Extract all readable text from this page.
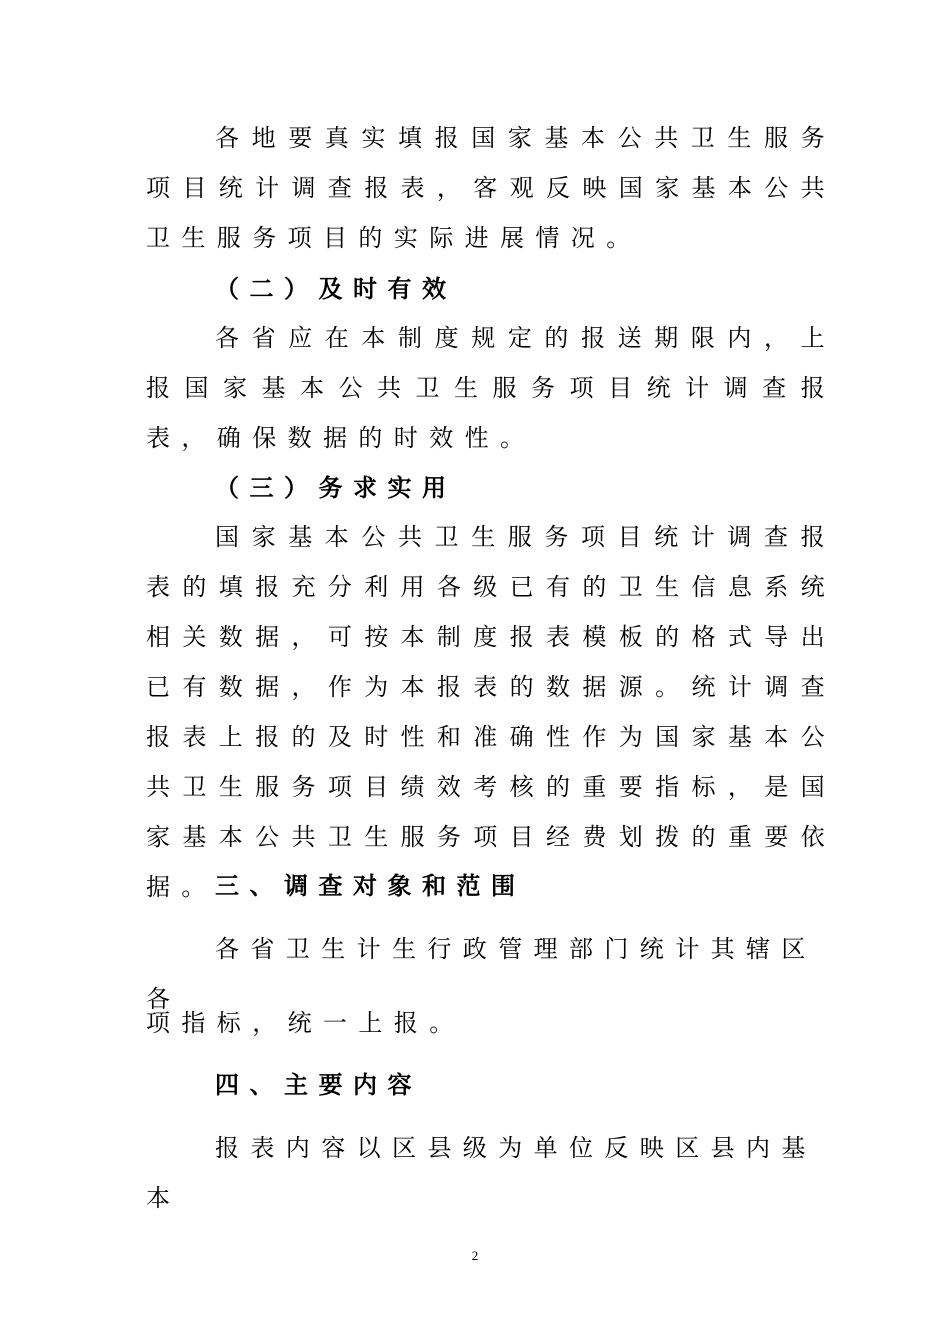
各地要真实填报国家基本公共卫生服务项目统计调查报表，客观反映国家基本公共卫生服务项目的实际进展情况。

（二）及时有效

各省应在本制度规定的报送期限内，上报国家基本公共卫生服务项目统计调查报表，确保数据的时效性。

（三）务求实用

国家基本公共卫生服务项目统计调查报表的填报充分利用各级已有的卫生信息系统相关数据，可按本制度报表模板的格式导出已有数据，作为本报表的数据源。统计调查报表上报的及时性和准确性作为国家基本公共卫生服务项目绩效考核的重要指标，是国家基本公共卫生服务项目经费划拨的重要依据。

三、调查对象和范围

各省卫生计生行政管理部门统计其辖区各

项指标，统一上报。

四、主要内容

报表内容以区县级为单位反映区县内基本

2
